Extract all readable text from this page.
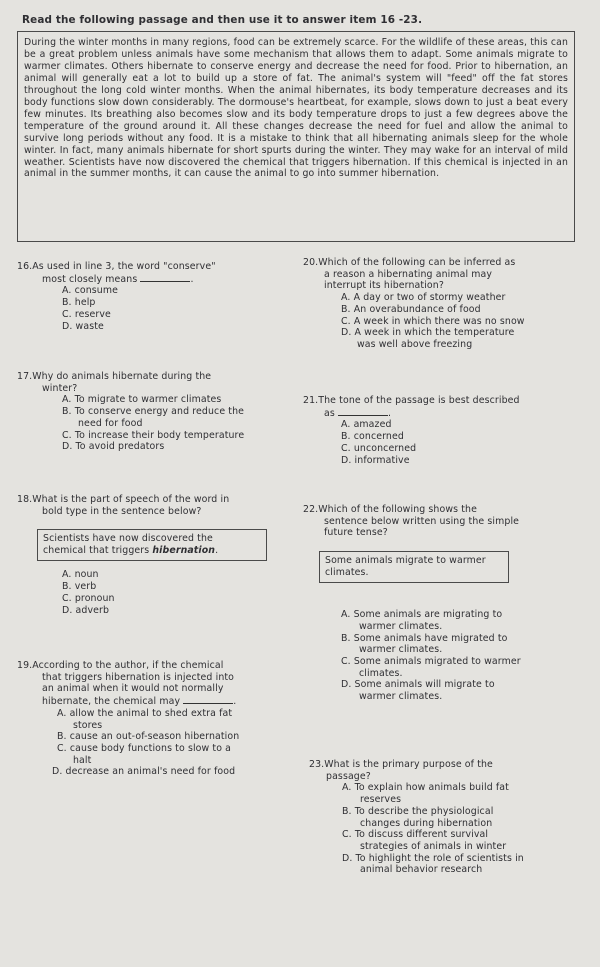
Read the following passage and then use it to answer item 16 -23.
During the winter months in many regions, food can be extremely scarce. For the wildlife of these areas, this can be a great problem unless animals have some mechanism that allows them to adapt. Some animals migrate to warmer climates. Others hibernate to conserve energy and decrease the need for food. Prior to hibernation, an animal will generally eat a lot to build up a store of fat. The animal's system will "feed" off the fat stores throughout the long cold winter months. When the animal hibernates, its body temperature decreases and its body functions slow down considerably. The dormouse's heartbeat, for example, slows down to just a beat every few minutes. Its breathing also becomes slow and its body temperature drops to just a few degrees above the temperature of the ground around it. All these changes decrease the need for fuel and allow the animal to survive long periods without any food. It is a mistake to think that all hibernating animals sleep for the whole winter. In fact, many animals hibernate for short spurts during the winter. They may wake for an interval of mild weather. Scientists have now discovered the chemical that triggers hibernation. If this chemical is injected in an animal in the summer months, it can cause the animal to go into summer hibernation.
16.As used in line 3, the word "conserve"
most closely means	.
A. consume
B. help
C. reserve
D. waste
17.Why do animals hibernate during the
winter?
A. To migrate to warmer climates
B. To conserve energy and reduce the
need for food
C. To increase their body temperature
D. To avoid predators
18.What is the part of speech of the word in
bold type in the sentence below?
Scientists have now discovered the
chemical that triggers hibernation.
A. noun
B. verb
C. pronoun
D. adverb
19.According to the author, if the chemical
that triggers hibernation is injected into
an animal when it would not normally
hibernate, the chemical may	.
A. allow the animal to shed extra fat
stores
B. cause an out-of-season hibernation
C. cause body functions to slow to a
halt
D. decrease an animal's need for food
20.Which of the following can be inferred as
a reason a hibernating animal may
interrupt its hibernation?
A. A day or two of stormy weather
B. An overabundance of food
C. A week in which there was no snow
D. A week in which the temperature
was well above freezing
21.The tone of the passage is best described
as	.
A. amazed
B. concerned
C. unconcerned
D. informative
22.Which of the following shows the
sentence below written using the simple
future tense?
Some animals migrate to warmer
climates.
A. Some animals are migrating to
warmer climates.
B. Some animals have migrated to
warmer climates.
C. Some animals migrated to warmer
climates.
D. Some animals will migrate to
warmer climates.
23.What is the primary purpose of the
passage?
A. To explain how animals build fat
reserves
B. To describe the physiological
changes during hibernation
C. To discuss different survival
strategies of animals in winter
D. To highlight the role of scientists in
animal behavior research
